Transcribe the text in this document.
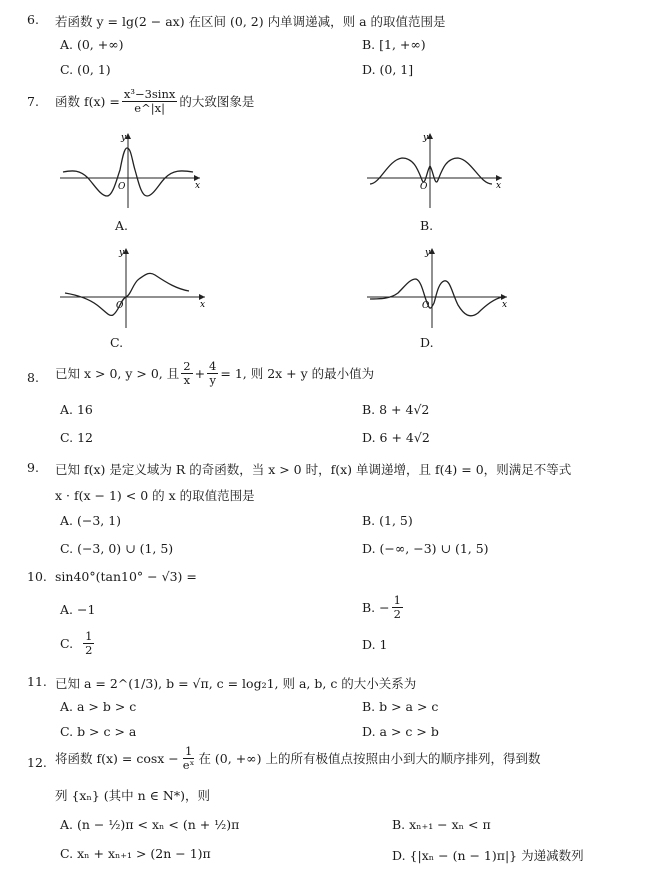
6. 若函数 y = lg(2 − ax) 在区间 (0, 2) 内单调递减，则 a 的取值范围是
A. (0, +∞)	B. [1, +∞)
C. (0, 1)	D. (0, 1]
7. 函数 $f(x) = \frac{\text{x³−3sinx}}{e\^{}|x|}$ 的大致图象是
y
x
O
A.
y
x
O
B.
y
x
O
C.
y
x
O
D.
8. 已知 x > 0, y > 0, 且 $\frac{2}{x} + \frac{4}{y} = 1$, 则 2x + y 的最小值为
A. 16	B. 8 + 4√2
C. 12	D. 6 + 4√2
9. 已知 f(x) 是定义域为 R 的奇函数，当 x > 0 时，f(x) 单调递增，且 f(4) = 0，则满足不等式
x · f(x − 1) < 0 的 x 的取值范围是
A. (−3, 1)	B. (1, 5)
C. (−3, 0) ∪ (1, 5)	D. (−∞, −3) ∪ (1, 5)
10. sin40°(tan10° − √3) =
A. −1	B. − $\frac{1}{2}$
C. $\frac{1}{2}$	D. 1
11. 已知 a = 2^(1/3), b = √π, c = log₂1, 则 a, b, c 的大小关系为
A. a > b > c	B. b > a > c
C. b > c > a	D. a > c > b
12. 将函数 $f(x) = \cos x - \frac{1}{\text{eˣ}}$ 在 (0, +∞) 上的所有极值点按照由小到大的顺序排列，得到数
列 {xₙ} (其中 n ∈ N*)，则
A. (n − ½)π < xₙ < (n + ½)π	B. xₙ₊₁ − xₙ < π
C. xₙ + xₙ₊₁ > (2n − 1)π	D. {|xₙ − (n − 1)π|} 为递减数列
